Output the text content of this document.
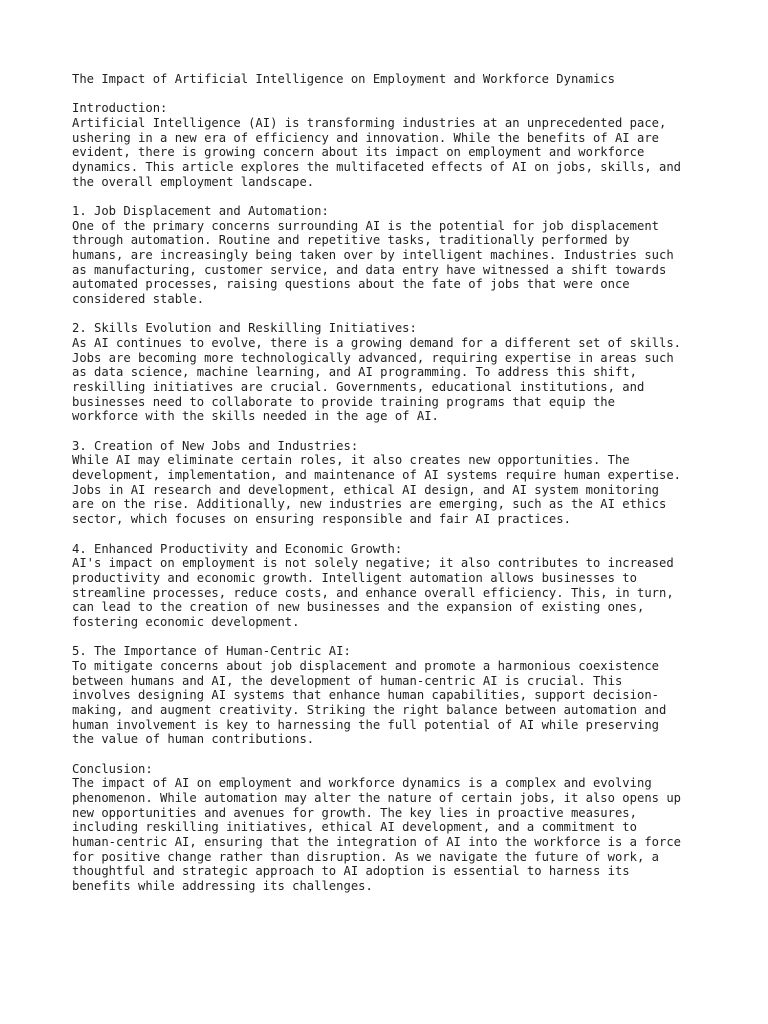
The Impact of Artificial Intelligence on Employment and Workforce Dynamics
Introduction:
Artificial Intelligence (AI) is transforming industries at an unprecedented pace,
ushering in a new era of efficiency and innovation. While the benefits of AI are
evident, there is growing concern about its impact on employment and workforce
dynamics. This article explores the multifaceted effects of AI on jobs, skills, and
the overall employment landscape.
1. Job Displacement and Automation:
One of the primary concerns surrounding AI is the potential for job displacement
through automation. Routine and repetitive tasks, traditionally performed by
humans, are increasingly being taken over by intelligent machines. Industries such
as manufacturing, customer service, and data entry have witnessed a shift towards
automated processes, raising questions about the fate of jobs that were once
considered stable.
2. Skills Evolution and Reskilling Initiatives:
As AI continues to evolve, there is a growing demand for a different set of skills.
Jobs are becoming more technologically advanced, requiring expertise in areas such
as data science, machine learning, and AI programming. To address this shift,
reskilling initiatives are crucial. Governments, educational institutions, and
businesses need to collaborate to provide training programs that equip the
workforce with the skills needed in the age of AI.
3. Creation of New Jobs and Industries:
While AI may eliminate certain roles, it also creates new opportunities. The
development, implementation, and maintenance of AI systems require human expertise.
Jobs in AI research and development, ethical AI design, and AI system monitoring
are on the rise. Additionally, new industries are emerging, such as the AI ethics
sector, which focuses on ensuring responsible and fair AI practices.
4. Enhanced Productivity and Economic Growth:
AI's impact on employment is not solely negative; it also contributes to increased
productivity and economic growth. Intelligent automation allows businesses to
streamline processes, reduce costs, and enhance overall efficiency. This, in turn,
can lead to the creation of new businesses and the expansion of existing ones,
fostering economic development.
5. The Importance of Human-Centric AI:
To mitigate concerns about job displacement and promote a harmonious coexistence
between humans and AI, the development of human-centric AI is crucial. This
involves designing AI systems that enhance human capabilities, support decision-
making, and augment creativity. Striking the right balance between automation and
human involvement is key to harnessing the full potential of AI while preserving
the value of human contributions.
Conclusion:
The impact of AI on employment and workforce dynamics is a complex and evolving
phenomenon. While automation may alter the nature of certain jobs, it also opens up
new opportunities and avenues for growth. The key lies in proactive measures,
including reskilling initiatives, ethical AI development, and a commitment to
human-centric AI, ensuring that the integration of AI into the workforce is a force
for positive change rather than disruption. As we navigate the future of work, a
thoughtful and strategic approach to AI adoption is essential to harness its
benefits while addressing its challenges.
